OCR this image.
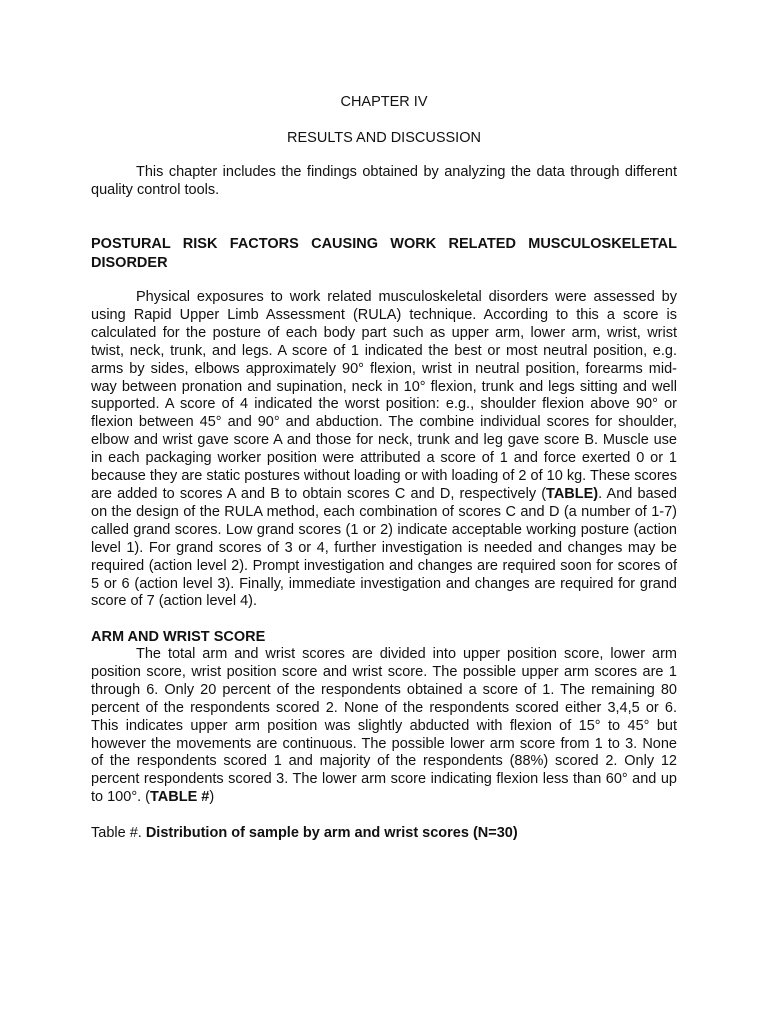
CHAPTER IV
RESULTS AND DISCUSSION

This chapter includes the findings obtained by analyzing the data through different quality control tools.

POSTURAL RISK FACTORS CAUSING WORK RELATED MUSCULOSKELETAL DISORDER

Physical exposures to work related musculoskeletal disorders were assessed by using Rapid Upper Limb Assessment (RULA) technique. According to this a score is calculated for the posture of each body part such as upper arm, lower arm, wrist, wrist twist, neck, trunk, and legs. A score of 1 indicated the best or most neutral position, e.g. arms by sides, elbows approximately 90° flexion, wrist in neutral position, forearms mid-way between pronation and supination, neck in 10° flexion, trunk and legs sitting and well supported. A score of 4 indicated the worst position: e.g., shoulder flexion above 90° or flexion between 45° and 90° and abduction. The combine individual scores for shoulder, elbow and wrist gave score A and those for neck, trunk and leg gave score B. Muscle use in each packaging worker position were attributed a score of 1 and force exerted 0 or 1 because they are static postures without loading or with loading of 2 of 10 kg. These scores are added to scores A and B to obtain scores C and D, respectively (TABLE). And based on the design of the RULA method, each combination of scores C and D (a number of 1-7) called grand scores. Low grand scores (1 or 2) indicate acceptable working posture (action level 1). For grand scores of 3 or 4, further investigation is needed and changes may be required (action level 2). Prompt investigation and changes are required soon for scores of 5 or 6 (action level 3). Finally, immediate investigation and changes are required for grand score of 7 (action level 4).

ARM AND WRIST SCORE

The total arm and wrist scores are divided into upper position score, lower arm position score, wrist position score and wrist score. The possible upper arm scores are 1 through 6. Only 20 percent of the respondents obtained a score of 1. The remaining 80 percent of the respondents scored 2. None of the respondents scored either 3,4,5 or 6. This indicates upper arm position was slightly abducted with flexion of 15° to 45° but however the movements are continuous. The possible lower arm score from 1 to 3. None of the respondents scored 1 and majority of the respondents (88%) scored 2. Only 12 percent respondents scored 3. The lower arm score indicating flexion less than 60° and up to 100°. (TABLE #)

Table #. Distribution of sample by arm and wrist scores (N=30)
